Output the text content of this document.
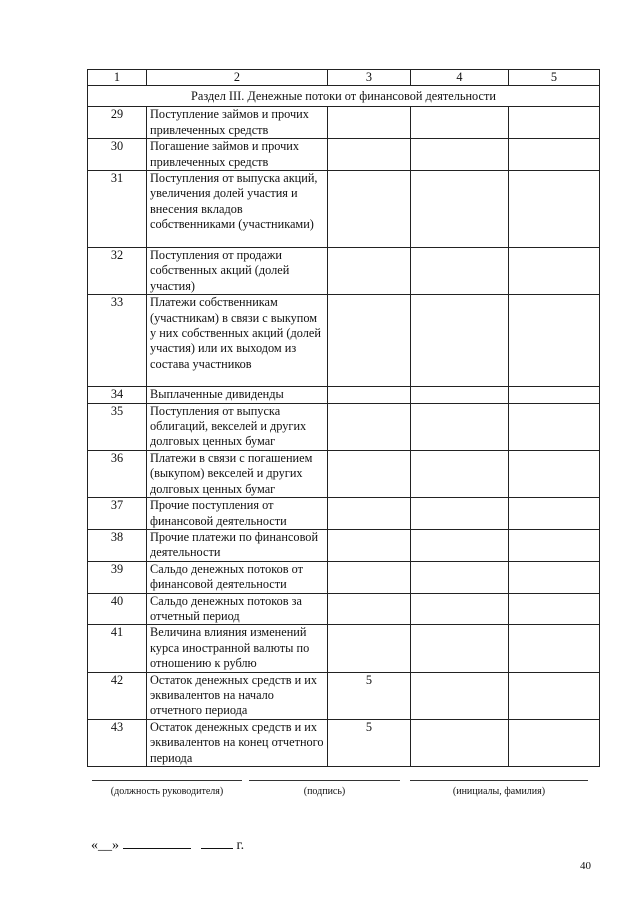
1	2	3	4	5
Раздел III. Денежные потоки от финансовой деятельности				
29	Поступление займов и прочих привлеченных средств			
30	Погашение займов и прочих привлеченных средств			
31	Поступления от выпуска акций, увеличения долей участия и внесения вкладов собственниками (участниками)			
32	Поступления от продажи собственных акций (долей участия)			
33	Платежи собственникам (участникам) в связи с выкупом у них собственных акций (долей участия) или их выходом из состава участников			
34	Выплаченные дивиденды			
35	Поступления от выпуска облигаций, векселей и других долговых ценных бумаг			
36	Платежи в связи с погашением (выкупом) векселей и других долговых ценных бумаг			
37	Прочие поступления от финансовой деятельности			
38	Прочие платежи по финансовой деятельности			
39	Сальдо денежных потоков от финансовой деятельности			
40	Сальдо денежных потоков за отчетный период			
41	Величина влияния изменений курса иностранной валюты по отношению к рублю			
42	Остаток денежных средств и их эквивалентов на начало отчетного периода	5		
43	Остаток денежных средств и их эквивалентов на конец отчетного периода	5		
(должность руководителя)	(подпись)	(инициалы, фамилия)
«__»	г.
40
